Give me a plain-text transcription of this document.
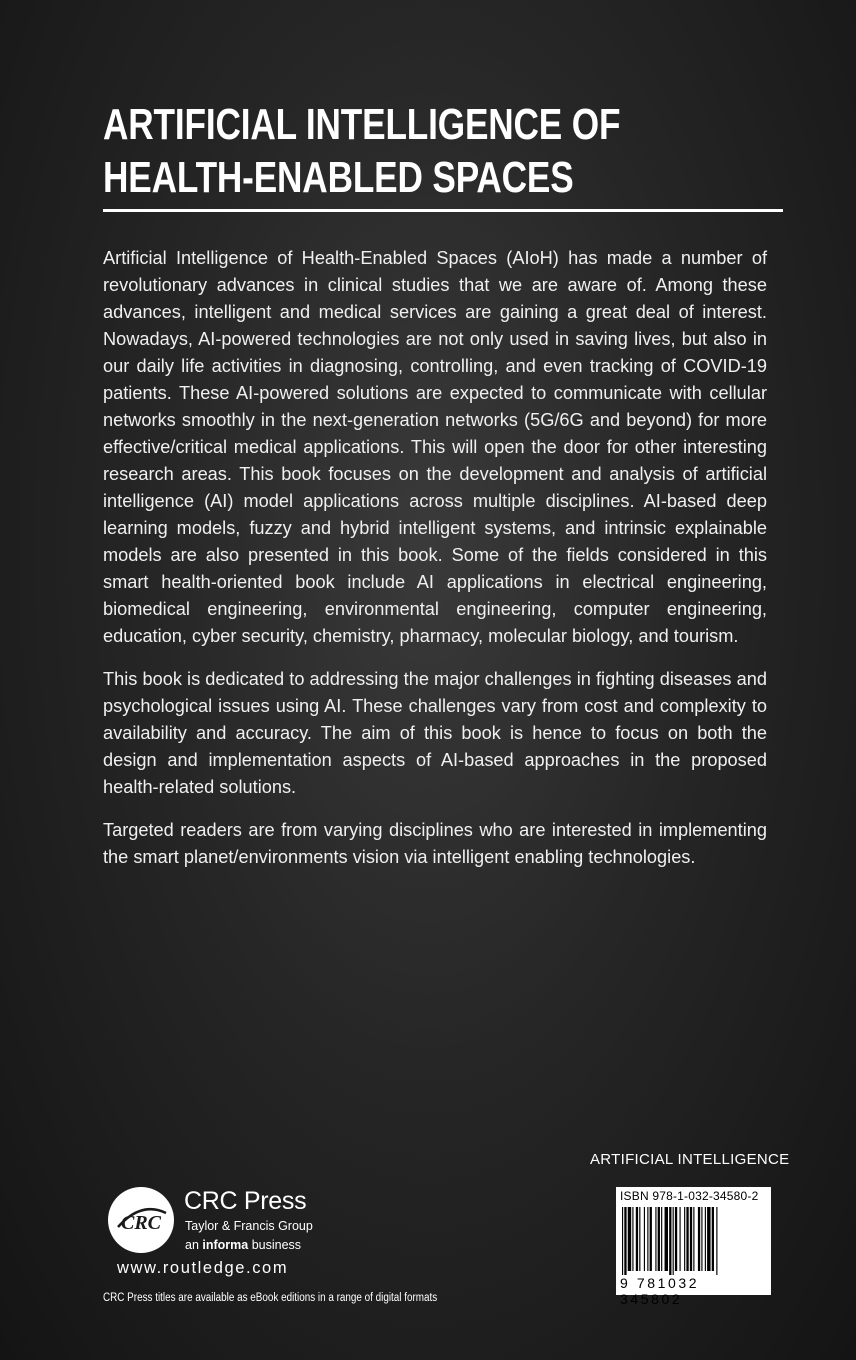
ARTIFICIAL INTELLIGENCE OF
HEALTH-ENABLED SPACES

Artificial Intelligence of Health-Enabled Spaces (AIoH) has made a number of revolutionary advances in clinical studies that we are aware of. Among these advances, intelligent and medical services are gaining a great deal of interest. Nowadays, AI-powered technologies are not only used in saving lives, but also in our daily life activities in diagnosing, controlling, and even tracking of COVID-19 patients. These AI-powered solutions are expected to communicate with cellular networks smoothly in the next-generation networks (5G/6G and beyond) for more effective/critical medical applications. This will open the door for other interesting research areas. This book focuses on the development and analysis of artificial intelligence (AI) model applications across multiple disciplines. AI-based deep learning models, fuzzy and hybrid intelligent systems, and intrinsic explainable models are also presented in this book. Some of the fields considered in this smart health-oriented book include AI applications in electrical engineering, biomedical engineering, environmental engineering, computer engineering, education, cyber security, chemistry, pharmacy, molecular biology, and tourism.

This book is dedicated to addressing the major challenges in fighting diseases and psychological issues using AI. These challenges vary from cost and complexity to availability and accuracy. The aim of this book is hence to focus on both the design and implementation aspects of AI-based approaches in the proposed health-related solutions.

Targeted readers are from varying disciplines who are interested in implementing the smart planet/environments vision via intelligent enabling technologies.

ARTIFICIAL INTELLIGENCE
ISBN 978-1-032-34580-2
9 781032 345802
CRC
CRC Press
Taylor & Francis Group
an informa business
www.routledge.com
CRC Press titles are available as eBook editions in a range of digital formats
